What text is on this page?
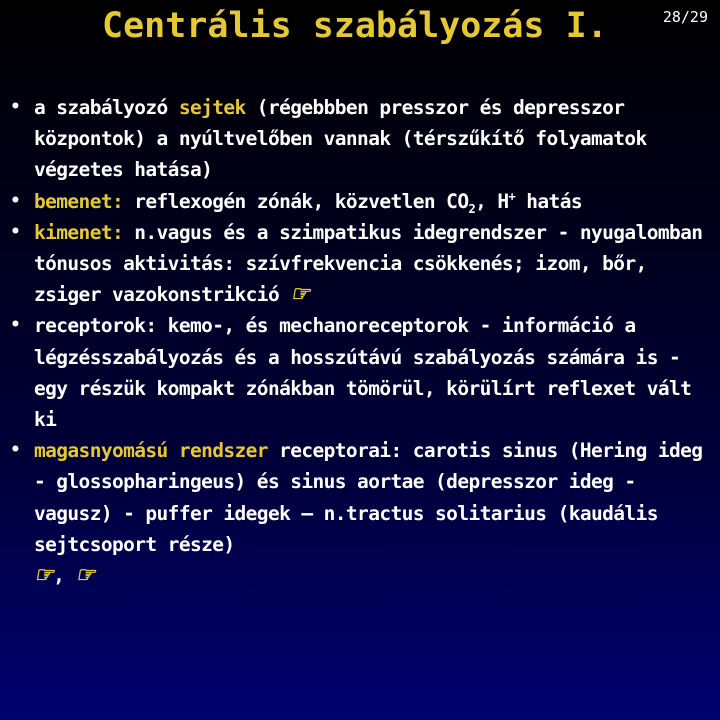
Centrális szabályozás I.	28/29
• a szabályozó sejtek (régebbben presszor és depresszor központok) a nyúltvelőben vannak (térszűkítő folyamatok végzetes hatása)
• bemenet: reflexogén zónák, közvetlen $CO_2$, H+ hatás
• kimenet: n.vagus és a szimpatikus idegrendszer - nyugalomban tónusos aktivitás: szívfrekvencia csökkenés; izom, bőr, zsiger vazokonstrikció ☞
• receptorok: kemo-, és mechanoreceptorok - információ a légzésszabályozás és a hosszútávú szabályozás számára is - egy részük kompakt zónákban tömörül, körülírt reflexet vált ki
• magasnyomású rendszer receptorai: carotis sinus (Hering ideg - glossopharingeus) és sinus aortae (depresszor ideg - vagusz) - puffer idegek – n.tractus solitarius (kaudális sejtcsoport része)
☞, ☞
